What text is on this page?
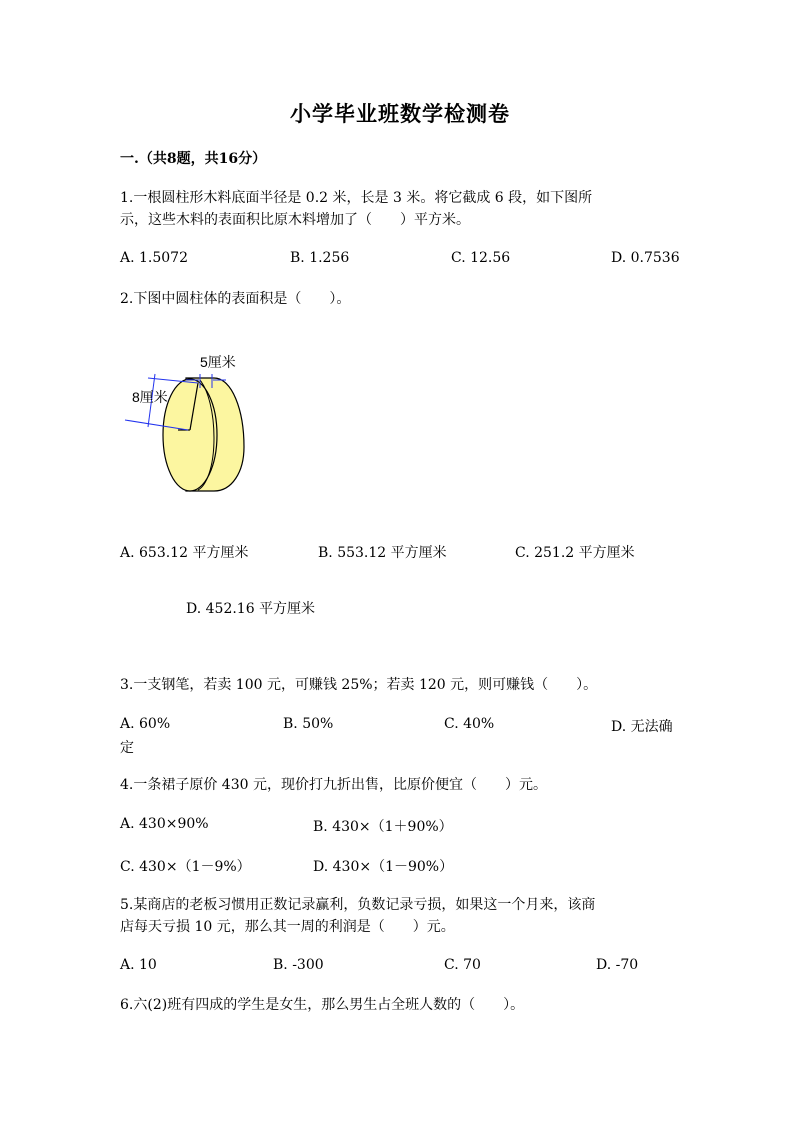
小学毕业班数学检测卷
一.（共8题，共16分）
1.一根圆柱形木料底面半径是 0.2 米，长是 3 米。将它截成 6 段，如下图所
示，这些木料的表面积比原木料增加了（　　）平方米。
A. 1.5072	B. 1.256	C. 12.56	D. 0.7536
2.下图中圆柱体的表面积是（　　）。
5厘米
8厘米
A. 653.12 平方厘米	B. 553.12 平方厘米	C. 251.2 平方厘米
D. 452.16 平方厘米
3.一支钢笔，若卖 100 元，可赚钱 25%；若卖 120 元，则可赚钱（　　）。
A. 60%	B. 50%	C. 40%	D. 无法确
定
4.一条裙子原价 430 元，现价打九折出售，比原价便宜（　　）元。
A. 430×90%	B. 430×（1＋90%）
C. 430×（1－9%）	D. 430×（1－90%）
5.某商店的老板习惯用正数记录赢利，负数记录亏损，如果这一个月来，该商
店每天亏损 10 元，那么其一周的利润是（　　）元。
A. 10	B. -300	C. 70	D. -70
6.六(2)班有四成的学生是女生，那么男生占全班人数的（　　）。
